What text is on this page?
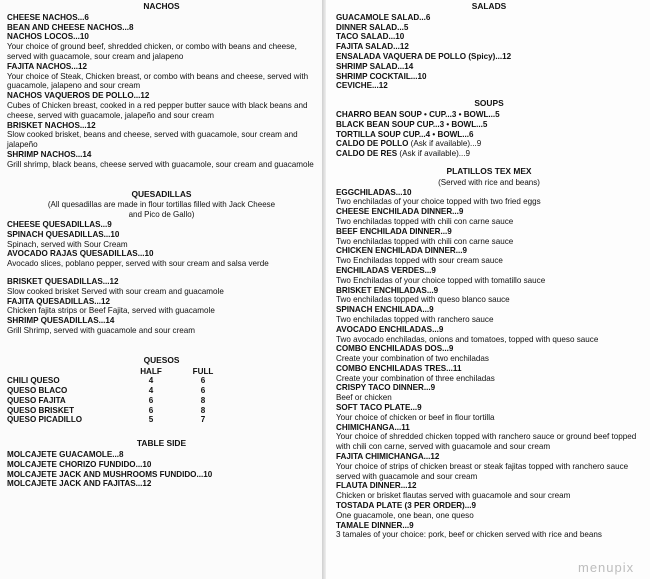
NACHOS
CHEESE NACHOS...6
BEAN AND CHEESE NACHOS...8
NACHOS LOCOS...10
Your choice of ground beef, shredded chicken, or combo with beans and cheese, served with guacamole, sour cream and jalapeno
FAJITA NACHOS...12
Your choice of Steak, Chicken breast, or combo with beans and cheese, served with guacamole, jalapeno and sour cream
NACHOS VAQUEROS DE POLLO...12
Cubes of Chicken breast, cooked in a red pepper butter sauce with black beans and cheese, served with guacamole, jalapeño and sour cream
BRISKET NACHOS...12
Slow cooked brisket, beans and cheese, served with guacamole, sour cream and jalapeño
SHRIMP NACHOS...14
Grill shrimp, black beans, cheese served with guacamole, sour cream and guacamole
QUESADILLAS
(All quesadillas are made in flour tortillas filled with Jack Cheese and Pico de Gallo)
CHEESE QUESADILLAS...9
SPINACH QUESADILLAS...10
Spinach, served with Sour Cream
AVOCADO RAJAS QUESADILLAS...10
Avocado slices, poblano pepper, served with sour cream and salsa verde
BRISKET QUESADILLAS...12
Slow cooked brisket Served with sour cream and guacamole
FAJITA QUESADILLAS...12
Chicken fajita strips or Beef Fajita, served with guacamole
SHRIMP QUESADILLAS...14
Grill Shrimp, served with guacamole and sour cream
QUESOS
HALF	FULL
CHILI QUESO	4	6
QUESO BLACO	4	6
QUESO FAJITA	6	8
QUESO BRISKET	6	8
QUESO PICADILLO	5	7
TABLE SIDE
MOLCAJETE GUACAMOLE...8
MOLCAJETE CHORIZO FUNDIDO...10
MOLCAJETE JACK AND MUSHROOMS FUNDIDO...10
MOLCAJETE JACK AND FAJITAS...12
SALADS
GUACAMOLE SALAD...6
DINNER SALAD...5
TACO SALAD...10
FAJITA SALAD...12
ENSALADA VAQUERA DE POLLO (Spicy)...12
SHRIMP SALAD...14
SHRIMP COCKTAIL...10
CEVICHE...12
SOUPS
CHARRO BEAN SOUP • CUP...3 • BOWL...5
BLACK BEAN SOUP CUP...3 • BOWL...5
TORTILLA SOUP CUP...4 • BOWL...6
CALDO DE POLLO (Ask if available)...9
CALDO DE RES (Ask if available)...9
PLATILLOS TEX MEX
(Served with rice and beans)
EGGCHILADAS...10
Two enchiladas of your choice topped with two fried eggs
CHEESE ENCHILADA DINNER...9
Two enchiladas topped with chili con carne sauce
BEEF ENCHILADA DINNER...9
Two enchiladas topped with chili con carne sauce
CHICKEN ENCHILADA DINNER...9
Two Enchiladas topped with sour cream sauce
ENCHILADAS VERDES...9
Two Enchiladas of your choice topped with tomatillo sauce
BRISKET ENCHILADAS...9
Two enchiladas topped with queso blanco sauce
SPINACH ENCHILADA...9
Two enchiladas topped with ranchero sauce
AVOCADO ENCHILADAS...9
Two avocado enchiladas, onions and tomatoes, topped with queso sauce
COMBO ENCHILADAS DOS...9
Create your combination of two enchiladas
COMBO ENCHILADAS TRES...11
Create your combination of three enchiladas
CRISPY TACO DINNER...9
Beef or chicken
SOFT TACO PLATE...9
Your choice of chicken or beef in flour tortilla
CHIMICHANGA...11
Your choice of shredded chicken topped with ranchero sauce or ground beef topped with chili con carne, served with guacamole and sour cream
FAJITA CHIMICHANGA...12
Your choice of strips of chicken breast or steak fajitas topped with ranchero sauce served with guacamole and sour cream
FLAUTA DINNER...12
Chicken or brisket flautas served with guacamole and sour cream
TOSTADA PLATE (3 PER ORDER)...9
One guacamole, one bean, one queso
TAMALE DINNER...9
3 tamales of your choice: pork, beef or chicken served with rice and beans
menupix
